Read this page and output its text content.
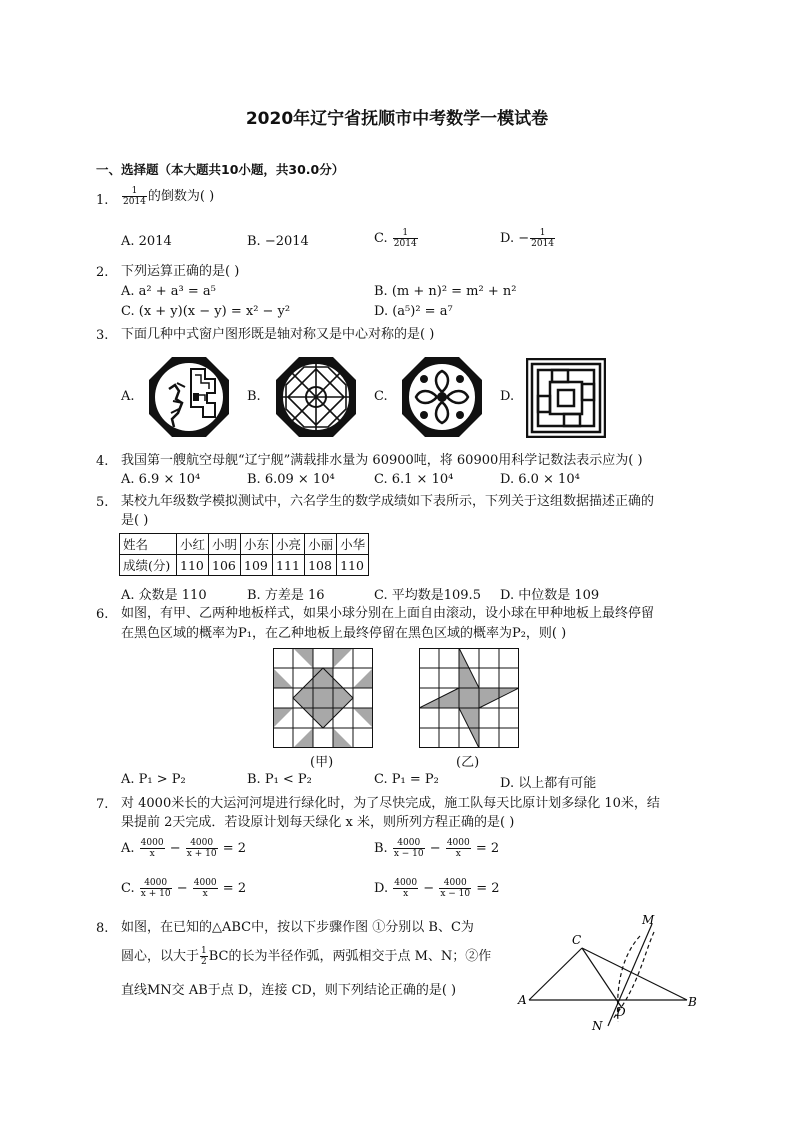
2020年辽宁省抚顺市中考数学一模试卷
一、选择题（本大题共10小题，共30.0分）
1. $\frac{1}{2014}$ 的倒数为( )
A. 2014	B. −2014	C. $\frac{1}{2014}$	D. − $\frac{1}{2014}$
2. 下列运算正确的是( )
A. a² + a³ = a⁵	B. (m + n)² = m² + n²
C. (x + y)(x − y) = x² − y²	D. (a⁵)² = a⁷
3. 下面几种中式窗户图形既是轴对称又是中心对称的是( )
A.	B.	C.	D.
4. 我国第一艘航空母舰“辽宁舰”满载排水量为 60900吨，将 60900用科学记数法表示应为( )
A. 6.9 × 10⁴	B. 6.09 × 10⁴	C. 6.1 × 10⁴	D. 6.0 × 10⁴
5. 某校九年级数学模拟测试中，六名学生的数学成绩如下表所示，下列关于这组数据描述正确的
是( )
姓名	小红	小明	小东	小亮	小丽	小华
成绩(分)	110	106	109	111	108	110
A. 众数是 110	B. 方差是 16	C. 平均数是109.5 D. 中位数是 109
6. 如图，有甲、乙两种地板样式，如果小球分别在上面自由滚动，设小球在甲种地板上最终停留
在黑色区域的概率为P₁，在乙种地板上最终停留在黑色区域的概率为P₂，则( )
(甲)	(乙)
A. P₁ > P₂	B. P₁ < P₂	C. P₁ = P₂	D. 以上都有可能
7. 对 4000米长的大运河河堤进行绿化时，为了尽快完成，施工队每天比原计划多绿化 10米，结
果提前 2天完成．若设原计划每天绿化 x 米，则所列方程正确的是( )
A. $\frac{4000}{x} - \frac{4000}{x + 10} = 2$	B. $\frac{4000}{x - 10} - \frac{4000}{x} = 2$
C. $\frac{4000}{x + 10} - \frac{4000}{x} = 2$	D. $\frac{4000}{x} - \frac{4000}{x - 10} = 2$
8. 如图，在已知的△ABC中，按以下步骤作图 ①分别以 B、C为
圆心，以大于 $\frac{1}{2}$ BC的长为半径作弧，两弧相交于点 M、N；②作
直线MN交 AB于点 D，连接 CD，则下列结论正确的是( )
A	B
C
D
M
N
